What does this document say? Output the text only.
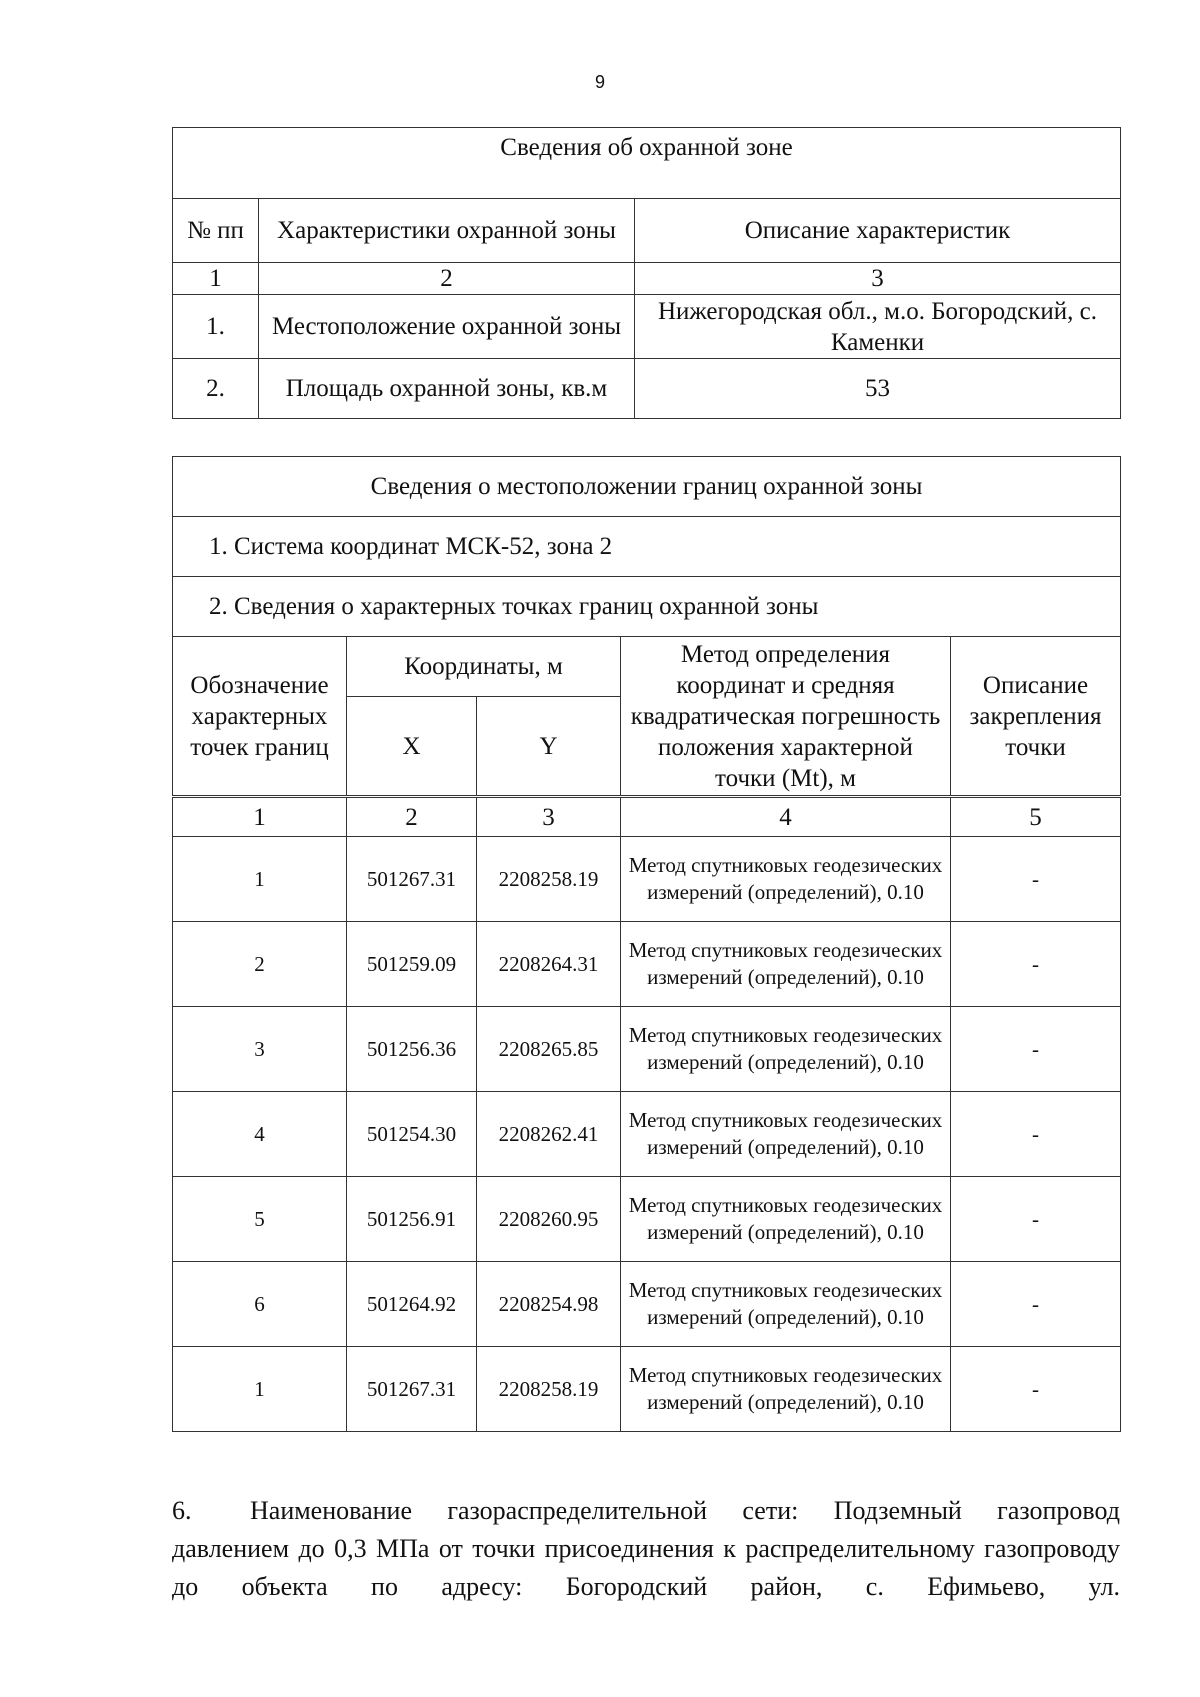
9
Сведения об охранной зоне		
№ пп	Характеристики охранной зоны	Описание характеристик
1	2	3
1.	Местоположение охранной зоны	Нижегородская обл., м.о. Богородский, с. Каменки
2.	Площадь охранной зоны, кв.м	53
Сведения о местоположении границ охранной зоны				
1. Система координат МСК-52, зона 2				
2. Сведения о характерных точках границ охранной зоны				
Обозначение характерных точек границ	Координаты, м		Метод определения координат и средняя квадратическая погрешность положения характерной точки (Mt), м	Описание закрепления точки
	X	Y		
1	2	3	4	5
1	501267.31	2208258.19	Метод спутниковых геодезических измерений (определений), 0.10	-
2	501259.09	2208264.31	Метод спутниковых геодезических измерений (определений), 0.10	-
3	501256.36	2208265.85	Метод спутниковых геодезических измерений (определений), 0.10	-
4	501254.30	2208262.41	Метод спутниковых геодезических измерений (определений), 0.10	-
5	501256.91	2208260.95	Метод спутниковых геодезических измерений (определений), 0.10	-
6	501264.92	2208254.98	Метод спутниковых геодезических измерений (определений), 0.10	-
1	501267.31	2208258.19	Метод спутниковых геодезических измерений (определений), 0.10	-

6. Наименование газораспределительной сети: Подземный газопровод давлением до 0,3 МПа от точки присоединения к распределительному газопроводу до объекта по адресу: Богородский район, с. Ефимьево, ул.
